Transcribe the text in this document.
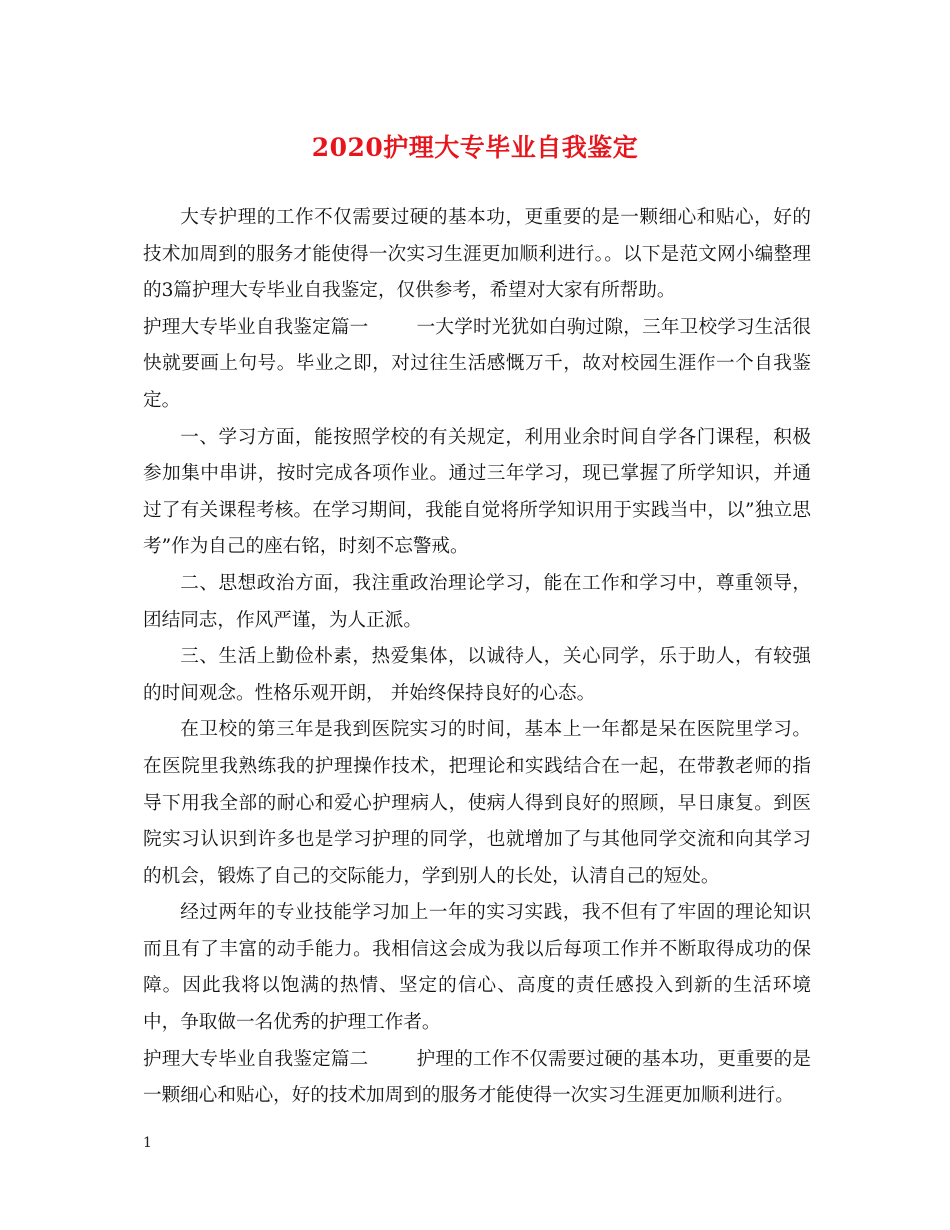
2020护理大专毕业自我鉴定

大专护理的工作不仅需要过硬的基本功，更重要的是一颗细心和贴心，好的技术加周到的服务才能使得一次实习生涯更加顺利进行。。以下是范文网小编整理的3篇护理大专毕业自我鉴定，仅供参考，希望对大家有所帮助。

护理大专毕业自我鉴定篇一	一大学时光犹如白驹过隙，三年卫校学习生活很快就要画上句号。毕业之即，对过往生活感慨万千，故对校园生涯作一个自我鉴定。

一、学习方面，能按照学校的有关规定，利用业余时间自学各门课程，积极参加集中串讲，按时完成各项作业。通过三年学习，现已掌握了所学知识，并通过了有关课程考核。在学习期间，我能自觉将所学知识用于实践当中，以”独立思考”作为自己的座右铭，时刻不忘警戒。

二、思想政治方面，我注重政治理论学习，能在工作和学习中，尊重领导，团结同志，作风严谨，为人正派。

三、生活上勤俭朴素，热爱集体，以诚待人，关心同学，乐于助人，有较强的时间观念。性格乐观开朗， 并始终保持良好的心态。

在卫校的第三年是我到医院实习的时间，基本上一年都是呆在医院里学习。在医院里我熟练我的护理操作技术，把理论和实践结合在一起，在带教老师的指导下用我全部的耐心和爱心护理病人，使病人得到良好的照顾，早日康复。到医院实习认识到许多也是学习护理的同学，也就增加了与其他同学交流和向其学习的机会，锻炼了自己的交际能力，学到别人的长处，认清自己的短处。

经过两年的专业技能学习加上一年的实习实践，我不但有了牢固的理论知识而且有了丰富的动手能力。我相信这会成为我以后每项工作并不断取得成功的保障。因此我将以饱满的热情、坚定的信心、高度的责任感投入到新的生活环境中，争取做一名优秀的护理工作者。

护理大专毕业自我鉴定篇二	护理的工作不仅需要过硬的基本功，更重要的是一颗细心和贴心，好的技术加周到的服务才能使得一次实习生涯更加顺利进行。

1
